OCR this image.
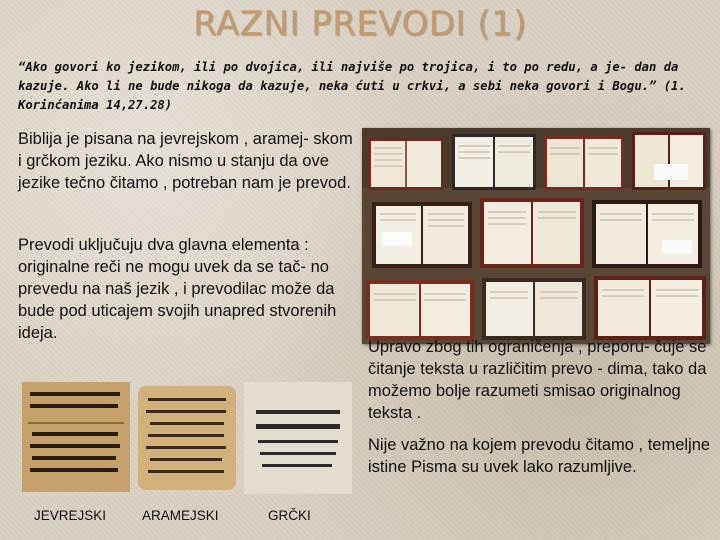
RAZNI PREVODI (1)
“Ako govori ko jezikom, ili po dvojica, ili najviše po trojica, i to po redu, a je- dan da kazuje. Ako li ne bude nikoga da kazuje, neka ćuti u crkvi, a sebi neka govori i Bogu.” (1. Korinćanima 14,27.28)
Biblija je pisana na jevrejskom , aramej- skom i grčkom jeziku. Ako nismo u stanju da ove jezike tečno čitamo , potreban nam je prevod.
Prevodi uključuju dva glavna elementa : originalne reči ne mogu uvek da se tač- no prevedu na naš jezik , i prevodilac može da bude pod uticajem svojih unapred stvorenih ideja.
Upravo zbog tih ograničenja , preporu- čuje se čitanje teksta u različitim prevo - dima, tako da možemo bolje razumeti smisao originalnog teksta .
Nije važno na kojem prevodu čitamo , temeljne istine Pisma su uvek lako razumljive.
JEVREJSKI	ARAMEJSKI	GRČKI
